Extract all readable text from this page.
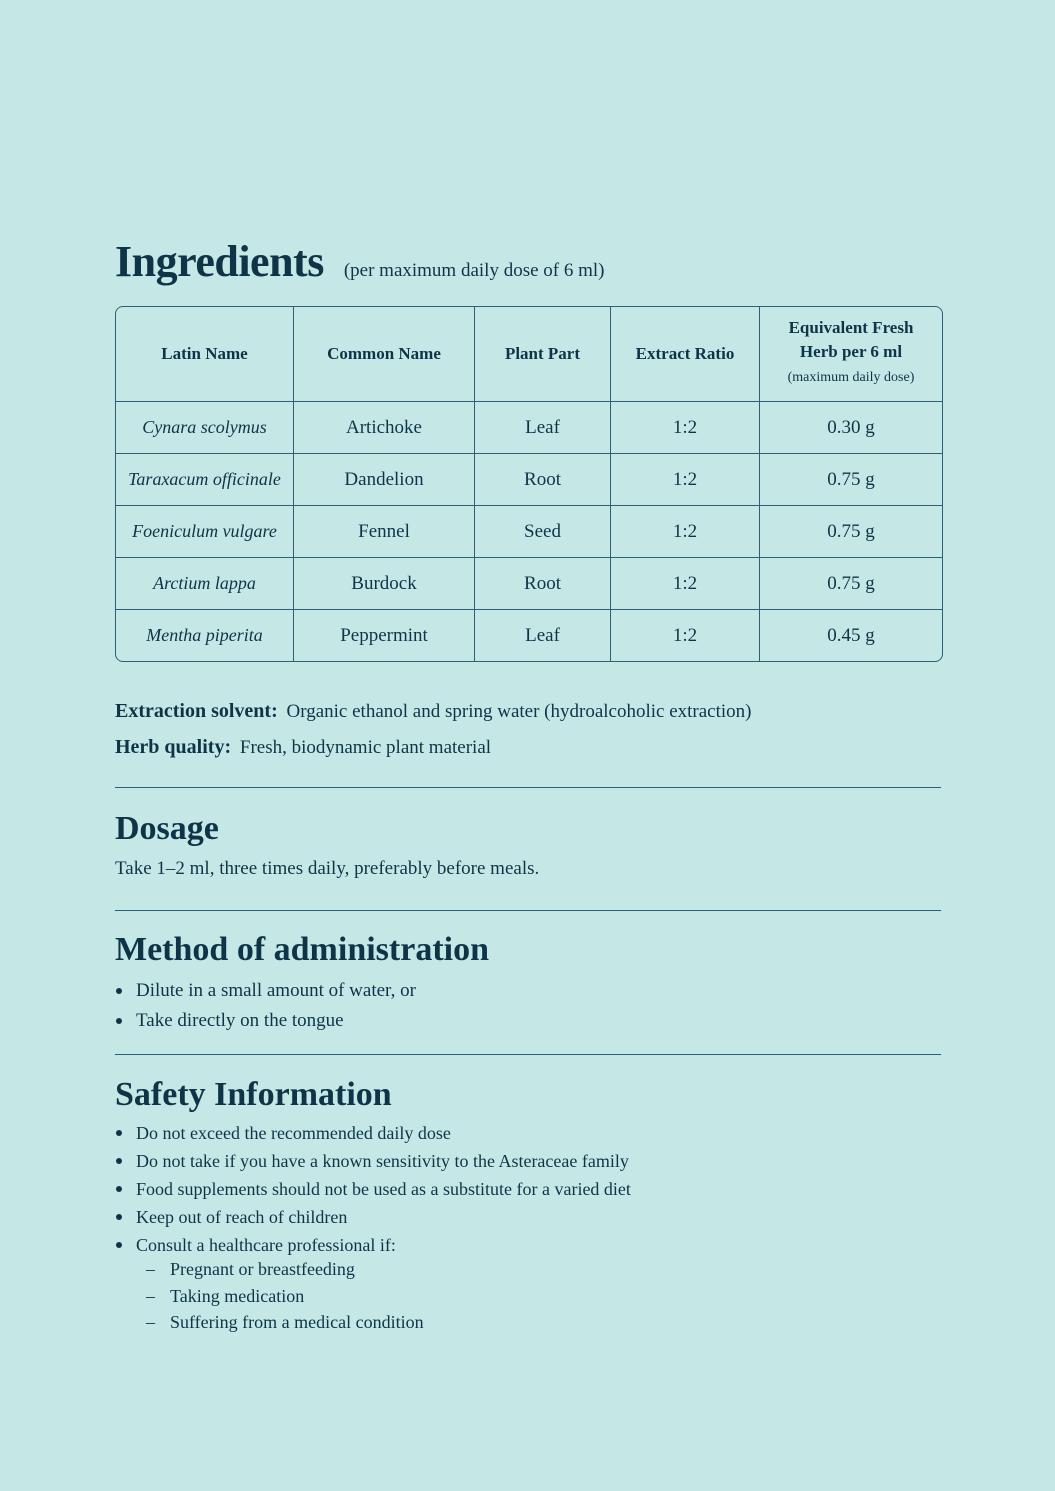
Ingredients (per maximum daily dose of 6 ml)
Latin Name	Common Name	Plant Part	Extract Ratio	Equivalent Fresh
Herb per 6 ml
(maximum daily dose)

Cynara scolymus	Artichoke	Leaf	1:2	0.30 g
Taraxacum officinale	Dandelion	Root	1:2	0.75 g
Foeniculum vulgare	Fennel	Seed	1:2	0.75 g
Arctium lappa	Burdock	Root	1:2	0.75 g
Mentha piperita	Peppermint	Leaf	1:2	0.45 g
Extraction solvent: Organic ethanol and spring water (hydroalcoholic extraction)
Herb quality: Fresh, biodynamic plant material
Dosage
Take 1–2 ml, three times daily, preferably before meals.
Method of administration
Dilute in a small amount of water, or
Take directly on the tongue
Safety Information
Do not exceed the recommended daily dose
Do not take if you have a known sensitivity to the Asteraceae family
Food supplements should not be used as a substitute for a varied diet
Keep out of reach of children
Consult a healthcare professional if:
– Pregnant or breastfeeding
– Taking medication
– Suffering from a medical condition
